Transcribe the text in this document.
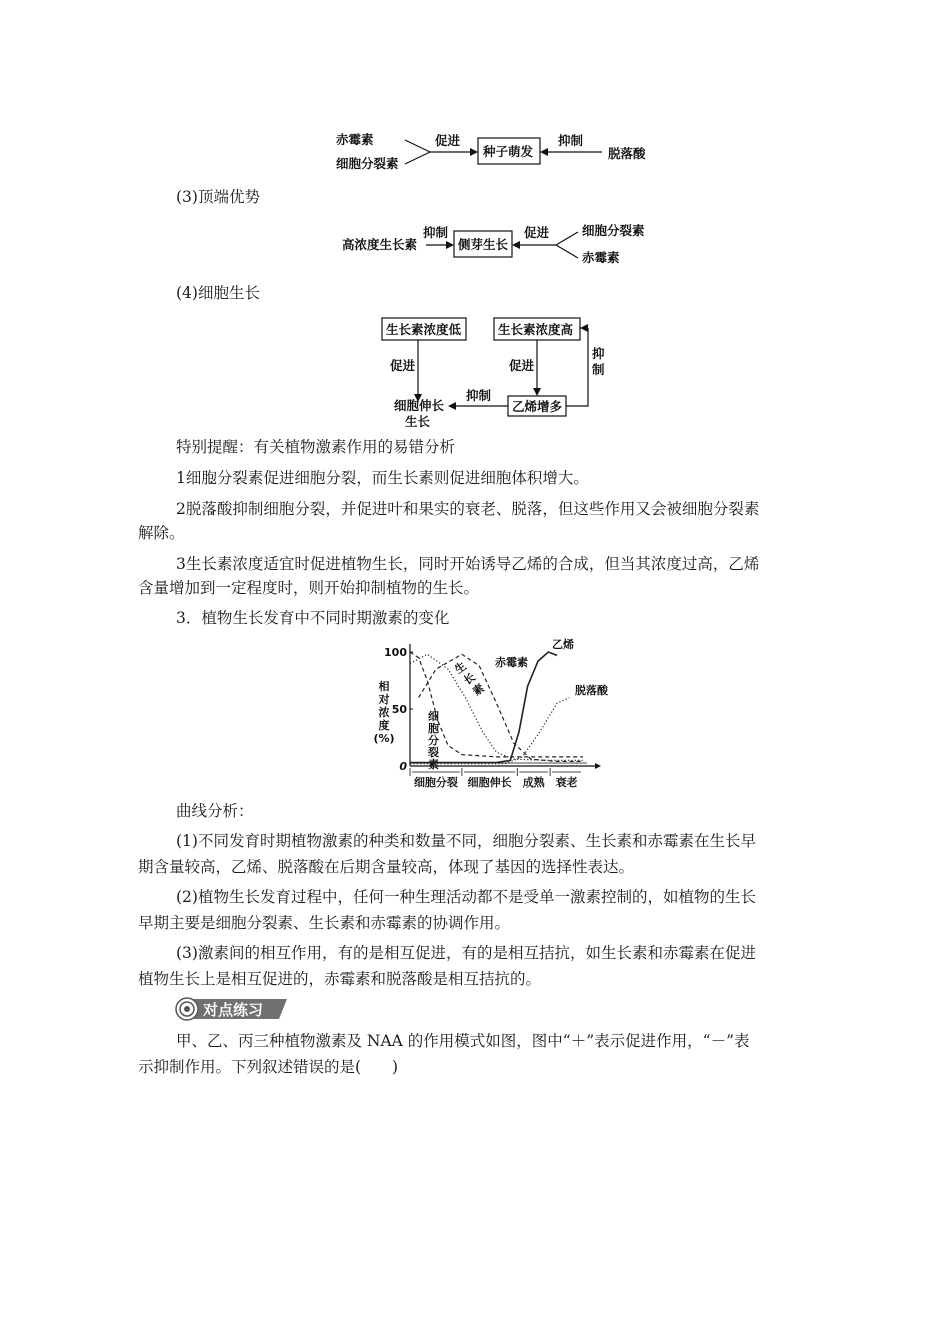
赤霉素
细胞分裂素
促进
种子萌发
抑制
脱落酸
(3)顶端优势
高浓度生长素
抑制
侧芽生长
促进	细胞分裂素
赤霉素
(4)细胞生长
生长素浓度低	生长素浓度高
促进	促进
乙烯增多
抑
制
抑制
细胞伸长
生长
特别提醒：有关植物激素作用的易错分析
1细胞分裂素促进细胞分裂，而生长素则促进细胞体积增大。 .
2脱落酸抑制细胞分裂，并促进叶和果实的衰老、脱落，但这些作用又会被细胞分裂素 .
解除。
3生长素浓度适宜时促进植物生长，同时开始诱导乙烯的合成，但当其浓度过高，乙烯 .
含量增加到一定程度时，则开始抑制植物的生长。
3．植物生长发育中不同时期激素的变化
100
50
0
相
对
浓
度
(%)
细胞分裂 细胞伸长 成熟 衰老
细
胞
分
裂
素
生
长
素
赤霉素
乙烯
脱落酸
曲线分析：
(1)不同发育时期植物激素的种类和数量不同，细胞分裂素、生长素和赤霉素在生长早
期含量较高，乙烯、脱落酸在后期含量较高，体现了基因的选择性表达。
(2)植物生长发育过程中，任何一种生理活动都不是受单一激素控制的，如植物的生长
早期主要是细胞分裂素、生长素和赤霉素的协调作用。
(3)激素间的相互作用，有的是相互促进，有的是相互拮抗，如生长素和赤霉素在促进
植物生长上是相互促进的，赤霉素和脱落酸是相互拮抗的。
对点练习
甲、乙、丙三种植物激素及 NAA 的作用模式如图，图中“＋”表示促进作用，“－”表
示抑制作用。下列叙述错误的是(　　)
